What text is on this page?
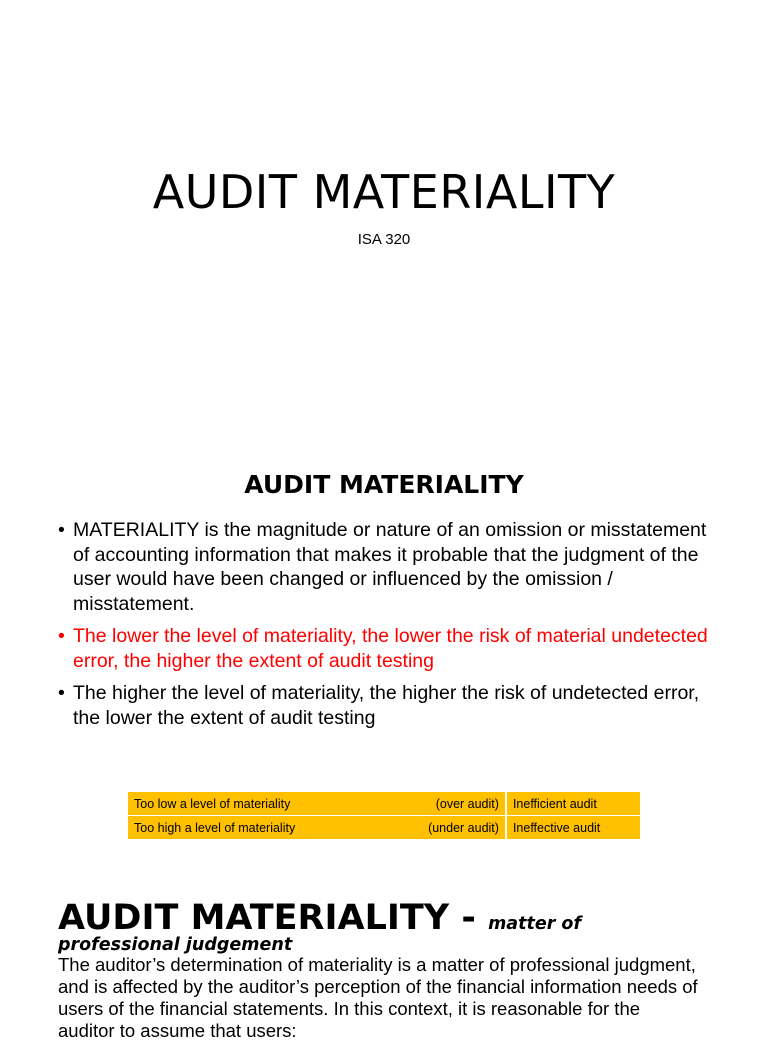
AUDIT MATERIALITY

ISA 320

AUDIT MATERIALITY
• MATERIALITY is the magnitude or nature of an omission or misstatement of accounting information that makes it probable that the judgment of the user would have been changed or influenced by the omission / misstatement.
• The lower the level of materiality, the lower the risk of material undetected error, the higher the extent of audit testing
• The higher the level of materiality, the higher the risk of undetected error, the lower the extent of audit testing
Too low a level of materiality	(over audit)	Inefficient audit
Too high a level of materiality	(under audit)	Ineffective audit
AUDIT MATERIALITY - matter of
professional judgement

The auditor’s determination of materiality is a matter of professional judgment, and is affected by the auditor’s perception of the financial information needs of users of the financial statements. In this context, it is reasonable for the auditor to assume that users:
